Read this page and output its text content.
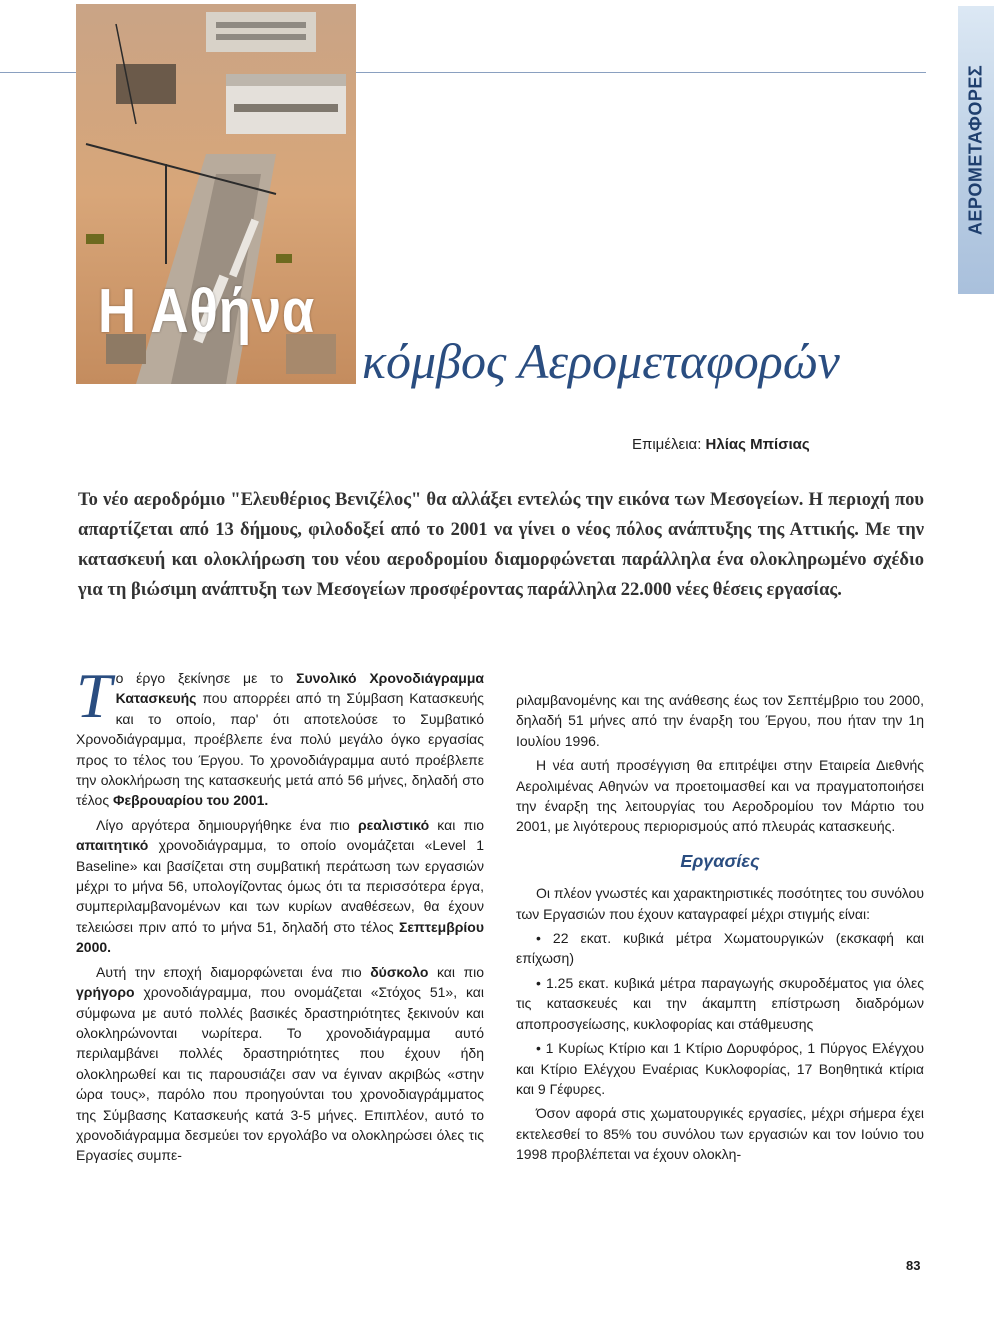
ΑΕΡΟΜΕΤΑΦΟΡΕΣ
Η Αθήνα
κόμβος Αερομεταφορών
Επιμέλεια: Ηλίας Μπίσιας
Το νέο αεροδρόμιο "Ελευθέριος Βενιζέλος" θα αλλάξει εντελώς την εικόνα των Μεσογείων. Η περιοχή που απαρτίζεται από 13 δήμους, φιλοδοξεί από το 2001 να γίνει ο νέος πόλος ανάπτυξης της Αττικής. Με την κατασκευή και ολοκλήρωση του νέου αεροδρομίου διαμορφώνεται παράλληλα ένα ολοκληρωμένο σχέδιο για τη βιώσιμη ανάπτυξη των Μεσογείων προσφέροντας παράλληλα 22.000 νέες θέσεις εργασίας.

Το έργο ξεκίνησε με το Συνολικό Χρονοδιάγραμμα Κατασκευής που απορρέει από τη Σύμβαση Κατασκευής και το οποίο, παρ' ότι αποτελούσε το Συμβατικό Χρονοδιάγραμμα, προέβλεπε ένα πολύ μεγάλο όγκο εργασίας προς το τέλος του Έργου. Το χρονοδιάγραμμα αυτό προέβλεπε την ολοκλήρωση της κατασκευής μετά από 56 μήνες, δηλαδή στο τέλος Φεβρουαρίου του 2001.

Λίγο αργότερα δημιουργήθηκε ένα πιο ρεαλιστικό και πιο απαιτητικό χρονοδιάγραμμα, το οποίο ονομάζεται «Level 1 Baseline» και βασίζεται στη συμβατική περάτωση των εργασιών μέχρι το μήνα 56, υπολογίζοντας όμως ότι τα περισσότερα έργα, συμπεριλαμβανομένων και των κυρίων αναθέσεων, θα έχουν τελειώσει πριν από το μήνα 51, δηλαδή στο τέλος Σεπτεμβρίου 2000.

Αυτή την εποχή διαμορφώνεται ένα πιο δύσκολο και πιο γρήγορο χρονοδιάγραμμα, που ονομάζεται «Στόχος 51», και σύμφωνα με αυτό πολλές βασικές δραστηριότητες ξεκινούν και ολοκληρώνονται νωρίτερα. Το χρονοδιάγραμμα αυτό περιλαμβάνει πολλές δραστηριότητες που έχουν ήδη ολοκληρωθεί και τις παρουσιάζει σαν να έγιναν ακριβώς «στην ώρα τους», παρόλο που προηγούνται του χρονοδιαγράμματος της Σύμβασης Κατασκευής κατά 3-5 μήνες. Επιπλέον, αυτό το χρονοδιάγραμμα δεσμεύει τον εργολάβο να ολοκληρώσει όλες τις Εργασίες συμπε-

ριλαμβανομένης και της ανάθεσης έως τον Σεπτέμβριο του 2000, δηλαδή 51 μήνες από την έναρξη του Έργου, που ήταν την 1η Ιουλίου 1996.

Η νέα αυτή προσέγγιση θα επιτρέψει στην Εταιρεία Διεθνής Αερολιμένας Αθηνών να προετοιμασθεί και να πραγματοποιήσει την έναρξη της λειτουργίας του Αεροδρομίου τον Μάρτιο του 2001, με λιγότερους περιορισμούς από πλευράς κατασκευής.

Εργασίες

Οι πλέον γνωστές και χαρακτηριστικές ποσότητες του συνόλου των Εργασιών που έχουν καταγραφεί μέχρι στιγμής είναι:

• 22 εκατ. κυβικά μέτρα Χωματουργικών (εκσκαφή και επίχωση)

• 1.25 εκατ. κυβικά μέτρα παραγωγής σκυροδέματος για όλες τις κατασκευές και την άκαμπτη επίστρωση διαδρόμων αποπροσγείωσης, κυκλοφορίας και στάθμευσης

• 1 Κυρίως Κτίριο και 1 Κτίριο Δορυφόρος, 1 Πύργος Ελέγχου και Κτίριο Ελέγχου Εναέριας Κυκλοφορίας, 17 Βοηθητικά κτίρια και 9 Γέφυρες.

Όσον αφορά στις χωματουργικές εργασίες, μέχρι σήμερα έχει εκτελεσθεί το 85% του συνόλου των εργασιών και τον Ιούνιο του 1998 προβλέπεται να έχουν ολοκλη-

83
